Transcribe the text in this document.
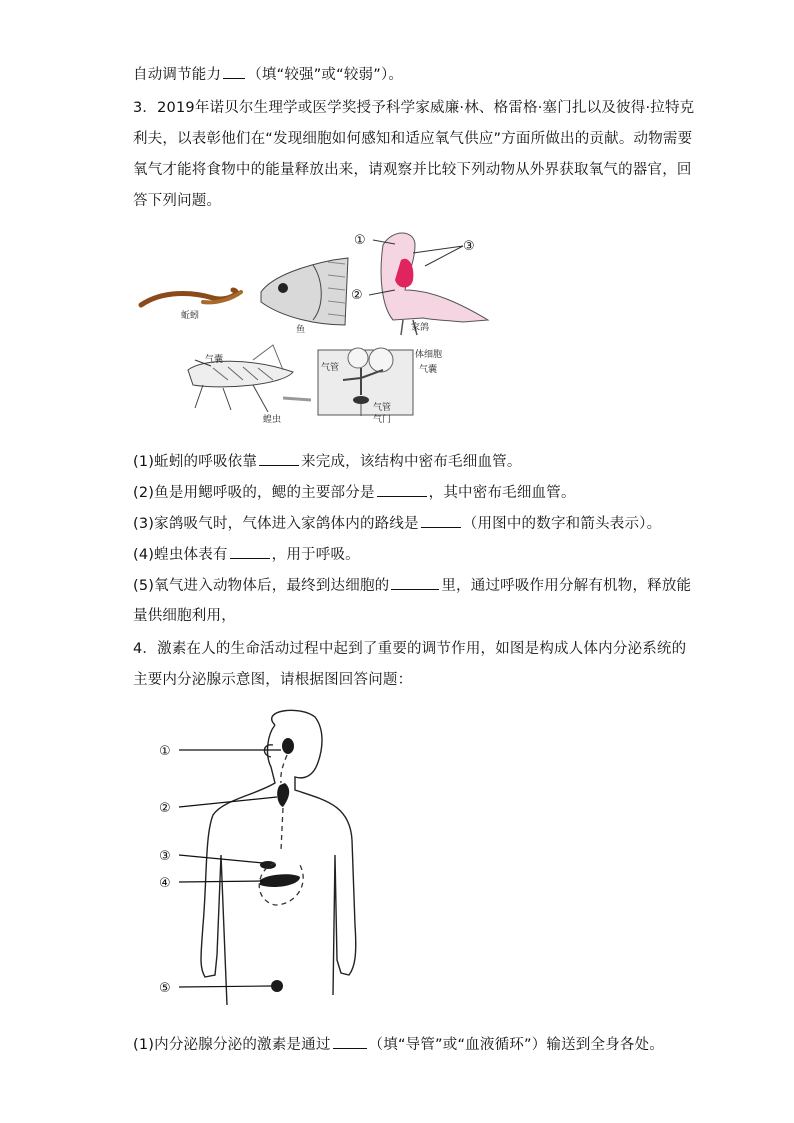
自动调节能力 （填“较强”或“较弱”）。
3．2019年诺贝尔生理学或医学奖授予科学家威廉·林、格雷格·塞门扎以及彼得·拉特克
利夫，以表彰他们在“发现细胞如何感知和适应氧气供应”方面所做出的贡献。动物需要
氧气才能将食物中的能量释放出来，请观察并比较下列动物从外界获取氧气的器官，回
答下列问题。
蚯蚓
鱼
①
②
③
家鸽
气囊
蝗虫
气管
体细胞
气囊
气管
气门
(1)蚯蚓的呼吸依靠	来完成，该结构中密布毛细血管。
(2)鱼是用鳃呼吸的，鳃的主要部分是	，其中密布毛细血管。
(3)家鸽吸气时，气体进入家鸽体内的路线是	（用图中的数字和箭头表示）。
(4)蝗虫体表有	，用于呼吸。
(5)氧气进入动物体后，最终到达细胞的	里，通过呼吸作用分解有机物，释放能
量供细胞利用，
4．激素在人的生命活动过程中起到了重要的调节作用，如图是构成人体内分泌系统的
主要内分泌腺示意图，请根据图回答问题：
①
②
③
④
⑤
(1)内分泌腺分泌的激素是通过	（填“导管”或“血液循环”）输送到全身各处。
